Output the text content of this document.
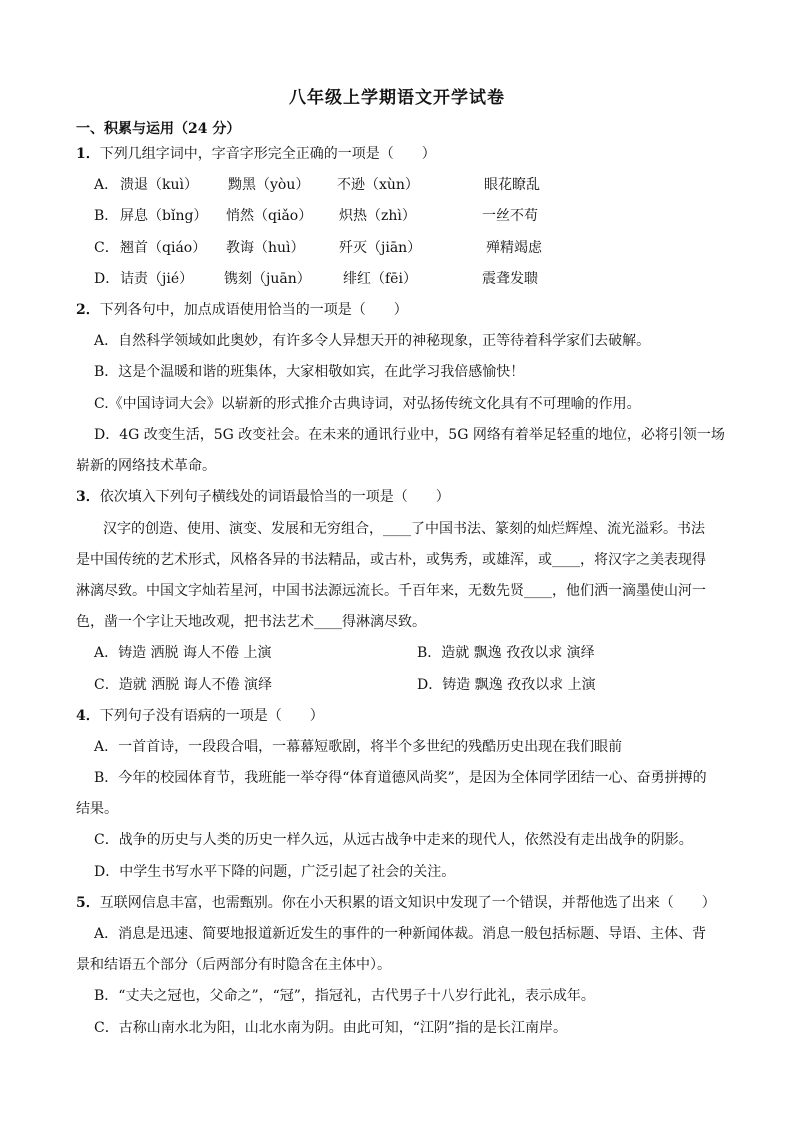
八年级上学期语文开学试卷
一、积累与运用（24 分）
1．下列几组字词中，字音字形完全正确的一项是（　　）
A． 溃退（kuì） 黝黑（yòu） 不逊（xùn）	眼花瞭乱
B． 屏息（bǐng） 悄然（qiǎo） 炽热（zhì）	一丝不苟
C． 翘首（qiáo） 教诲（huì） 歼灭（jiān）	殚精竭虑
D． 诘责（jié） 镌刻（juān） 绯红（fēi）	震聋发聩
2．下列各句中，加点成语使用恰当的一项是（　　）
A．自然科学领域如此奥妙，有许多令人异想天开的神秘现象，正等待着科学家们去破解。
B．这是个温暖和谐的班集体，大家相敬如宾，在此学习我倍感愉快！
C.《中国诗词大会》以崭新的形式推介古典诗词，对弘扬传统文化具有不可理喻的作用。
D．4G 改变生活，5G 改变社会。在未来的通讯行业中，5G 网络有着举足轻重的地位，必将引领一场
崭新的网络技术革命。
3．依次填入下列句子横线处的词语最恰当的一项是（　　）
汉字的创造、使用、演变、发展和无穷组合，____了中国书法、篆刻的灿烂辉煌、流光溢彩。书法
是中国传统的艺术形式，风格各异的书法精品，或古朴，或隽秀，或雄浑，或____，将汉字之美表现得
淋漓尽致。中国文字灿若星河，中国书法源远流长。千百年来，无数先贤____，他们洒一滴墨使山河一
色，凿一个字让天地改观，把书法艺术____得淋漓尽致。
A．铸造 洒脱 诲人不倦 上演	B．造就 飘逸 孜孜以求 演绎
C．造就 洒脱 诲人不倦 演绎	D．铸造 飘逸 孜孜以求 上演
4．下列句子没有语病的一项是（　　）
A．一首首诗，一段段合唱，一幕幕短歌剧，将半个多世纪的残酷历史出现在我们眼前
B．今年的校园体育节，我班能一举夺得“体育道德风尚奖”，是因为全体同学团结一心、奋勇拼搏的
结果。
C．战争的历史与人类的历史一样久远，从远古战争中走来的现代人，依然没有走出战争的阴影。
D．中学生书写水平下降的问题，广泛引起了社会的关注。
5．互联网信息丰富，也需甄别。你在小天积累的语文知识中发现了一个错误，并帮他选了出来（　　）
A．消息是迅速、简要地报道新近发生的事件的一种新闻体裁。消息一般包括标题、导语、主体、背
景和结语五个部分（后两部分有时隐含在主体中）。
B．“丈夫之冠也，父命之”，“冠”，指冠礼，古代男子十八岁行此礼，表示成年。
C．古称山南水北为阳，山北水南为阴。由此可知，“江阴”指的是长江南岸。
